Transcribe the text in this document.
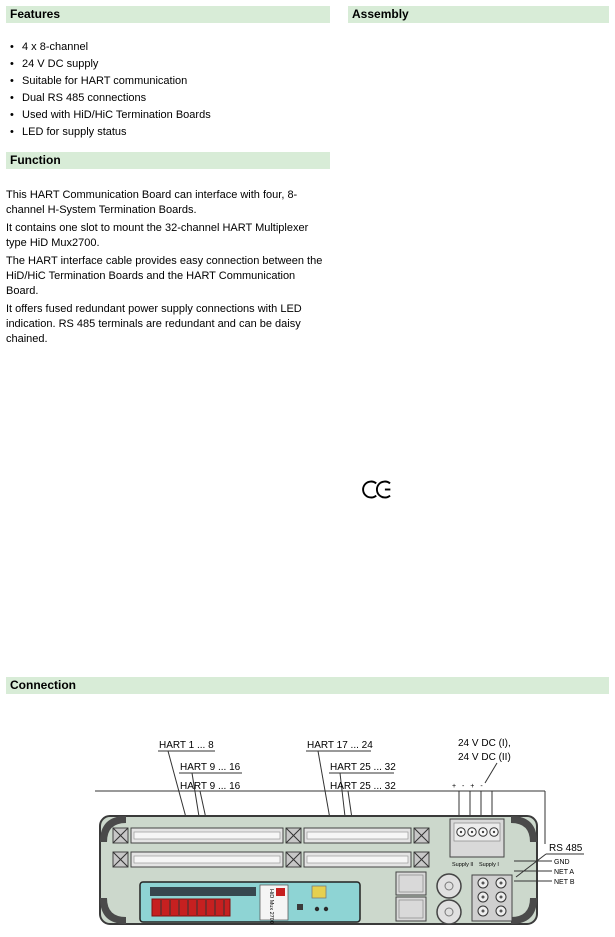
Features	Assembly
• 4 x 8-channel
• 24 V DC supply
• Suitable for HART communication
• Dual RS 485 connections
• Used with HiD/HiC Termination Boards
• LED for supply status
Function

This HART Communication Board can interface with four, 8-channel H-System Termination Boards.

It contains one slot to mount the 32-channel HART Multiplexer type HiD Mux2700.

The HART interface cable provides easy connection between the HiD/HiC Termination Boards and the HART Communication Board.

It offers fused redundant power supply connections with LED indication. RS 485 terminals are redundant and can be daisy chained.

Connection
HART 1 ... 8	HART 17 ... 24
HART 9 ... 16	HART 25 ... 32
HART 9 ... 16	HART 25 ... 32
24 V DC (I),
24 V DC (II)
+ - + -
Supply II Supply I
HiD Mux 2700
RS 485
GND
NET A
NET B
